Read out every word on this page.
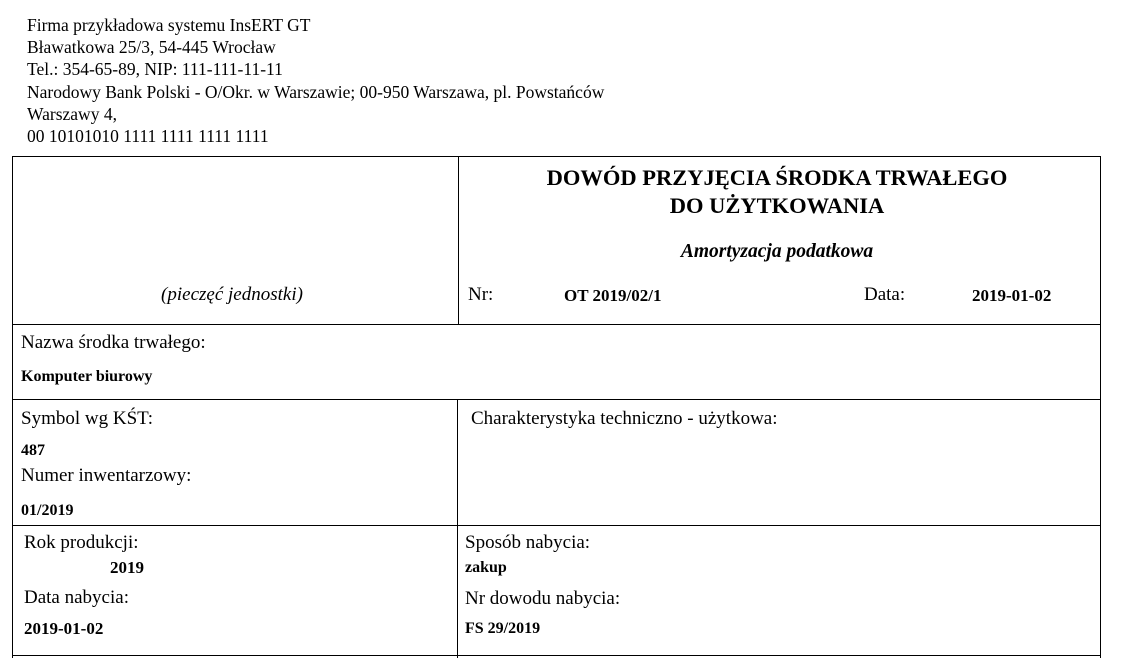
Firma przykładowa systemu InsERT GT
Bławatkowa 25/3, 54-445 Wrocław
Tel.: 354-65-89, NIP: 111-111-11-11
Narodowy Bank Polski - O/Okr. w Warszawie; 00-950 Warszawa, pl. Powstańców
Warszawy 4,
00 10101010 1111 1111 1111 1111
DOWÓD PRZYJĘCIA ŚRODKA TRWAŁEGO
DO UŻYTKOWANIA
Amortyzacja podatkowa
(pieczęć jednostki)	Nr:	OT 2019/02/1	Data:	2019-01-02
Nazwa środka trwałego:
Komputer biurowy
Symbol wg KŚT:
487
Numer inwentarzowy:
01/2019
Charakterystyka techniczno - użytkowa:
Rok produkcji:
2019
Data nabycia:
2019-01-02
Sposób nabycia:
zakup
Nr dowodu nabycia:
FS 29/2019
